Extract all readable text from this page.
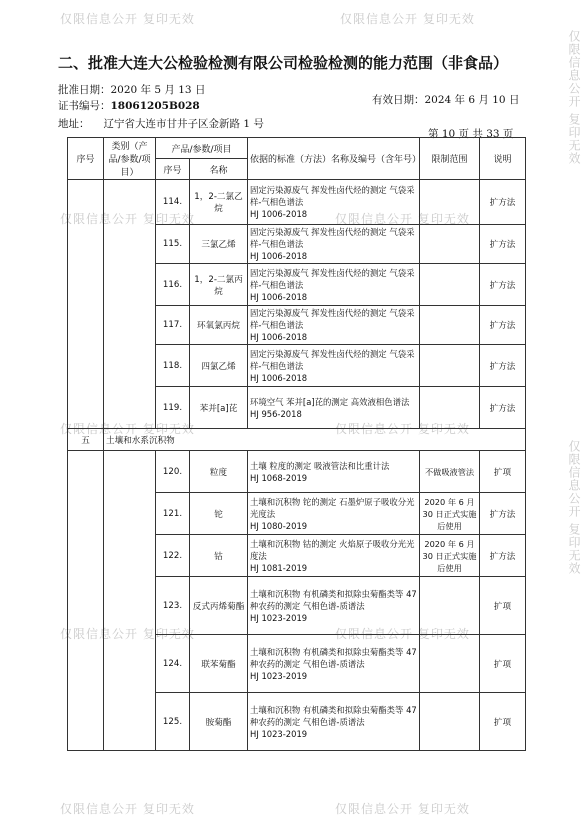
仅限信息公开 复印无效	仅限信息公开 复印无效
仅限信息公开 复印无效	仅限信息公开 复印无效
仅限信息公开 复印无效	仅限信息公开 复印无效
仅限信息公开 复印无效	仅限信息公开 复印无效
仅限信息公开 复印无效	仅限信息公开 复印无效
仅限信息公开 复印无效
仅限信息公开 复印无效
二、批准大连大公检验检测有限公司检验检测的能力范围（非食品）
批准日期：2020 年 5 月 13 日
有效日期：2024 年 6 月 10 日
证书编号：18061205B028
地址： 辽宁省大连市甘井子区金新路 1 号
第 10 页 共 33 页
序号	类别（产品/参数/项目）	产品/参数/项目		依据的标准（方法）名称及编号（含年号）	限制范围	说明
		序号	名称			
		114.	1，2-二氯乙烷	固定污染源废气 挥发性卤代烃的测定 气袋采样-气相色谱法
HJ 1006-2018		扩方法
		115.	三氯乙烯	固定污染源废气 挥发性卤代烃的测定 气袋采样-气相色谱法
HJ 1006-2018		扩方法
		116.	1，2-二氯丙烷	固定污染源废气 挥发性卤代烃的测定 气袋采样-气相色谱法
HJ 1006-2018		扩方法
		117.	环氧氯丙烷	固定污染源废气 挥发性卤代烃的测定 气袋采样-气相色谱法
HJ 1006-2018		扩方法
		118.	四氯乙烯	固定污染源废气 挥发性卤代烃的测定 气袋采样-气相色谱法
HJ 1006-2018		扩方法
		119.	苯并[a]芘	环境空气 苯并[a]芘的测定 高效液相色谱法
HJ 956-2018		扩方法
五	土壤和水系沉积物					
		120.	粒度	土壤 粒度的测定 吸液管法和比重计法
HJ 1068-2019	不做吸液管法	扩项
		121.	铊	土壤和沉积物 铊的测定 石墨炉原子吸收分光光度法
HJ 1080-2019	2020 年 6 月 30 日正式实施后使用	扩方法
		122.	钴	土壤和沉积物 钴的测定 火焰原子吸收分光光度法
HJ 1081-2019	2020 年 6 月 30 日正式实施后使用	扩方法
		123.	反式丙烯菊酯	土壤和沉积物 有机磷类和拟除虫菊酯类等 47 种农药的测定 气相色谱-质谱法
HJ 1023-2019		扩项
		124.	联苯菊酯	土壤和沉积物 有机磷类和拟除虫菊酯类等 47 种农药的测定 气相色谱-质谱法
HJ 1023-2019		扩项
		125.	胺菊酯	土壤和沉积物 有机磷类和拟除虫菊酯类等 47 种农药的测定 气相色谱-质谱法
HJ 1023-2019		扩项
